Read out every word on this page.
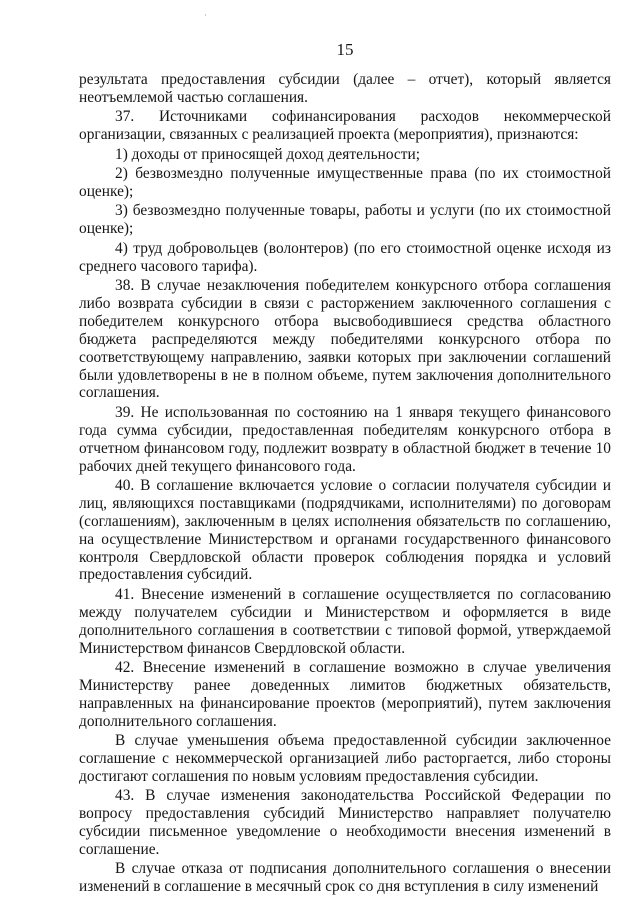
15

результата предоставления субсидии (далее – отчет), который является неотъемлемой частью соглашения.

37. Источниками софинансирования расходов некоммерческой организации, связанных с реализацией проекта (мероприятия), признаются:

1) доходы от приносящей доход деятельности;

2) безвозмездно полученные имущественные права (по их стоимостной оценке);

3) безвозмездно полученные товары, работы и услуги (по их стоимостной оценке);

4) труд добровольцев (волонтеров) (по его стоимостной оценке исходя из среднего часового тарифа).

38. В случае незаключения победителем конкурсного отбора соглашения либо возврата субсидии в связи с расторжением заключенного соглашения с победителем конкурсного отбора высвободившиеся средства областного бюджета распределяются между победителями конкурсного отбора по соответствующему направлению, заявки которых при заключении соглашений были удовлетворены в не в полном объеме, путем заключения дополнительного соглашения.

39. Не использованная по состоянию на 1 января текущего финансового года сумма субсидии, предоставленная победителям конкурсного отбора в отчетном финансовом году, подлежит возврату в областной бюджет в течение 10 рабочих дней текущего финансового года.

40. В соглашение включается условие о согласии получателя субсидии и лиц, являющихся поставщиками (подрядчиками, исполнителями) по договорам (соглашениям), заключенным в целях исполнения обязательств по соглашению, на осуществление Министерством и органами государственного финансового контроля Свердловской области проверок соблюдения порядка и условий предоставления субсидий.

41. Внесение изменений в соглашение осуществляется по согласованию между получателем субсидии и Министерством и оформляется в виде дополнительного соглашения в соответствии с типовой формой, утверждаемой Министерством финансов Свердловской области.

42. Внесение изменений в соглашение возможно в случае увеличения Министерству ранее доведенных лимитов бюджетных обязательств, направленных на финансирование проектов (мероприятий), путем заключения дополнительного соглашения.

В случае уменьшения объема предоставленной субсидии заключенное соглашение с некоммерческой организацией либо расторгается, либо стороны достигают соглашения по новым условиям предоставления субсидии.

43. В случае изменения законодательства Российской Федерации по вопросу предоставления субсидий Министерство направляет получателю субсидии письменное уведомление о необходимости внесения изменений в соглашение.

В случае отказа от подписания дополнительного соглашения о внесении изменений в соглашение в месячный срок со дня вступления в силу изменений
